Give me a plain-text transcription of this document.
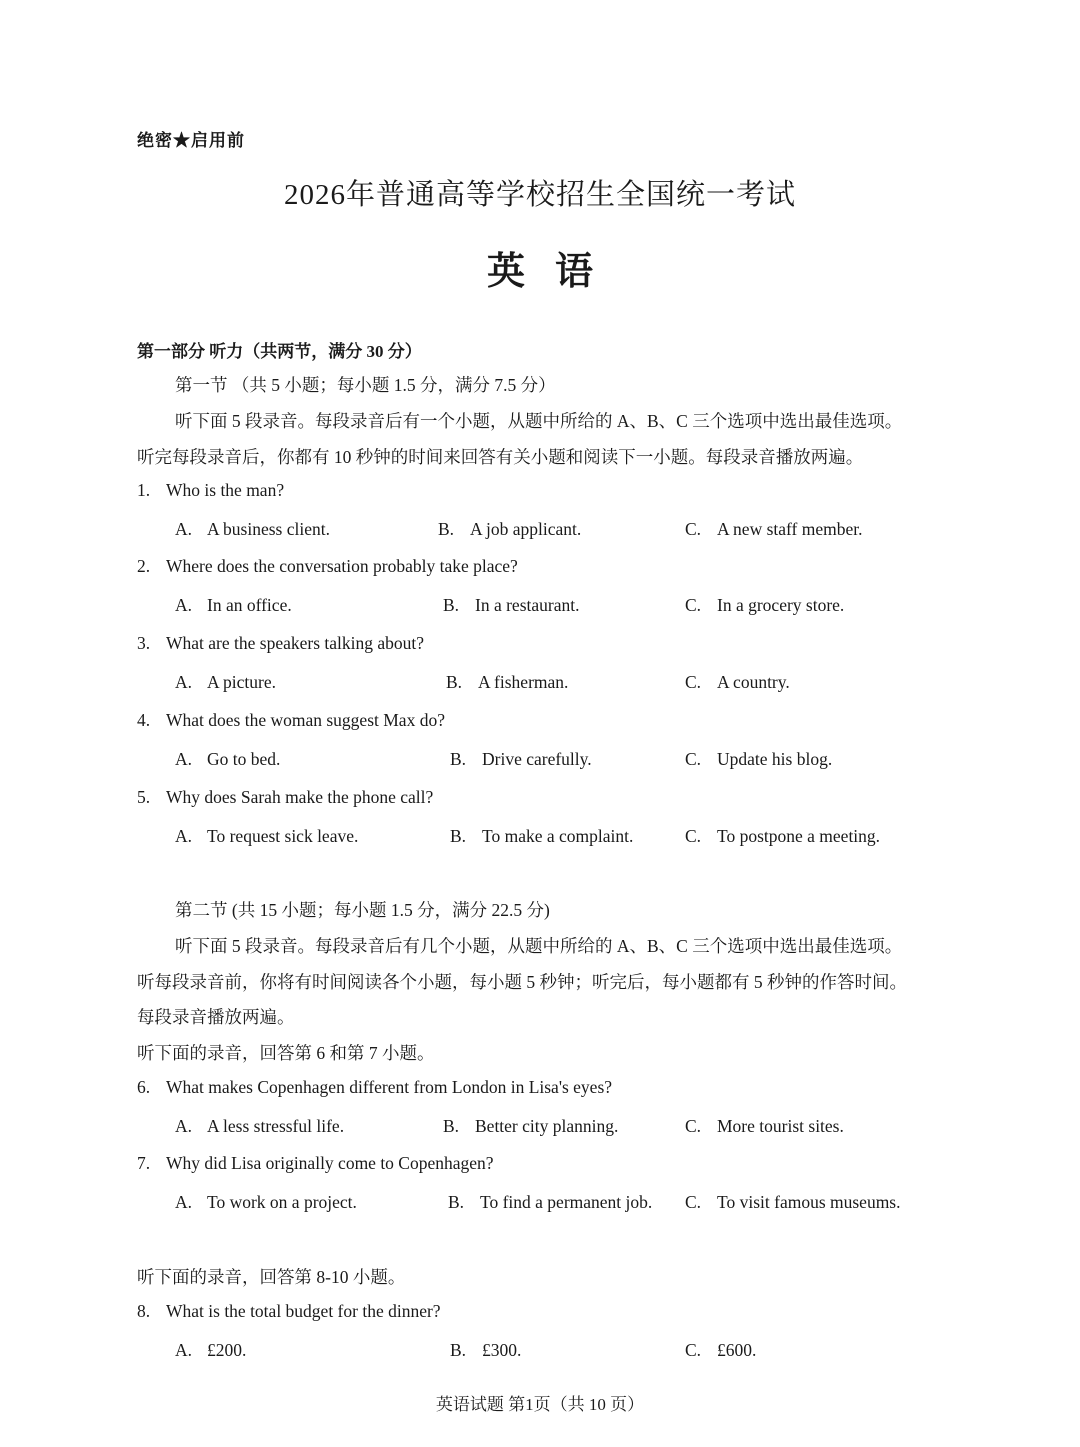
绝密★启用前
2026年普通高等学校招生全国统一考试
英语
第一部分 听力（共两节，满分 30 分）
第一节 （共 5 小题；每小题 1.5 分，满分 7.5 分）
听下面 5 段录音。每段录音后有一个小题，从题中所给的 A、B、C 三个选项中选出最佳选项。
听完每段录音后，你都有 10 秒钟的时间来回答有关小题和阅读下一小题。每段录音播放两遍。
第二节 (共 15 小题；每小题 1.5 分，满分 22.5 分)
听下面 5 段录音。每段录音后有几个小题，从题中所给的 A、B、C 三个选项中选出最佳选项。
听每段录音前，你将有时间阅读各个小题，每小题 5 秒钟；听完后，每小题都有 5 秒钟的作答时间。
每段录音播放两遍。
听下面的录音，回答第 6 和第 7 小题。
听下面的录音，回答第 8-10 小题。
1. Who is the man?
A. A business client.	B. A job applicant.	C. A new staff member.
2. Where does the conversation probably take place?
A. In an office.	B. In a restaurant.	C. In a grocery store.
3. What are the speakers talking about?
A. A picture.	B. A fisherman.	C. A country.
4. What does the woman suggest Max do?
A. Go to bed.	B. Drive carefully.	C. Update his blog.
5. Why does Sarah make the phone call?
A. To request sick leave.	B. To make a complaint.	C. To postpone a meeting.
6. What makes Copenhagen different from London in Lisa's eyes?
A. A less stressful life.	B. Better city planning.	C. More tourist sites.
7. Why did Lisa originally come to Copenhagen?
A. To work on a project.	B. To find a permanent job. C. To visit famous museums.
8. What is the total budget for the dinner?
A. £200.	B. £300.	C. £600.
英语试题 第1页（共 10 页）
